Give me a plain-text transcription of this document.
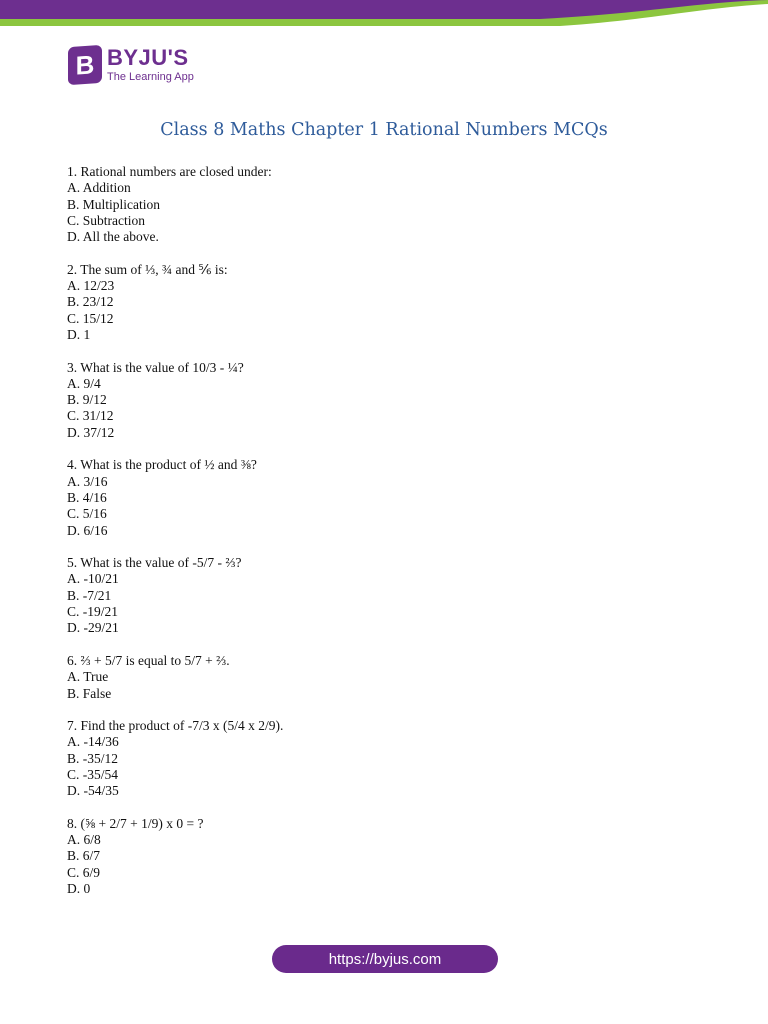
B BYJU'S
The Learning App
Class 8 Maths Chapter 1 Rational Numbers MCQs
1. Rational numbers are closed under:
A. Addition
B. Multiplication
C. Subtraction
D. All the above.
2. The sum of ⅓, ¾ and ⅚ is:
A. 12/23
B. 23/12
C. 15/12
D. 1
3. What is the value of 10/3 - ¼?
A. 9/4
B. 9/12
C. 31/12
D. 37/12
4. What is the product of ½ and ⅜?
A. 3/16
B. 4/16
C. 5/16
D. 6/16
5. What is the value of -5/7 - ⅔?
A. -10/21
B. -7/21
C. -19/21
D. -29/21
6. ⅔ + 5/7 is equal to 5/7 + ⅔.
A. True
B. False
7. Find the product of -7/3 x (5/4 x 2/9).
A. -14/36
B. -35/12
C. -35/54
D. -54/35
8. (⅝ + 2/7 + 1/9) x 0 = ?
A. 6/8
B. 6/7
C. 6/9
D. 0
https://byjus.com
